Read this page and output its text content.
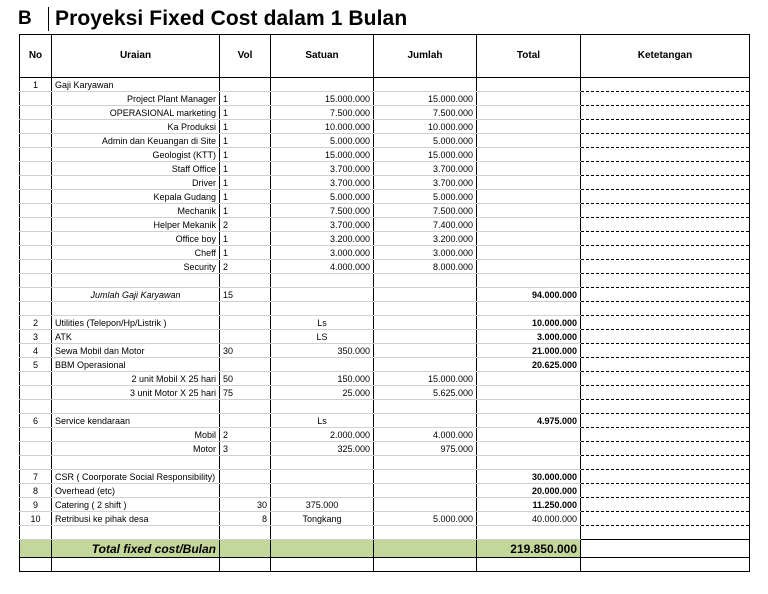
B	Proyeksi Fixed Cost dalam 1 Bulan
No	Uraian	Vol	Satuan	Jumlah	Total	Ketetangan
1	Gaji Karyawan					
	Project Plant Manager	1	15.000.000	15.000.000		
	OPERASIONAL marketing	1	7.500.000	7.500.000		
	Ka Produksi	1	10.000.000	10.000.000		
	Admin dan Keuangan di Site	1	5.000.000	5.000.000		
	Geologist (KTT)	1	15.000.000	15.000.000		
	Staff Office	1	3.700.000	3.700.000		
	Driver	1	3.700.000	3.700.000		
	Kepala Gudang	1	5.000.000	5.000.000		
	Mechanik	1	7.500.000	7.500.000		
	Helper Mekanik	2	3.700.000	7.400.000		
	Office boy	1	3.200.000	3.200.000		
	Cheff	1	3.000.000	3.000.000		
	Security	2	4.000.000	8.000.000		

	Jumlah Gaji Karyawan	15			94.000.000	

2	Utilities (Telepon/Hp/Listrik )		Ls		10.000.000	
3	ATK		LS		3.000.000	
4	Sewa Mobil dan Motor	30	350.000		21.000.000	
5	BBM Operasional				20.625.000	
	2 unit Mobil X 25 hari	50	150.000	15.000.000		
	3 unit Motor X 25 hari	75	25.000	5.625.000		

6	Service kendaraan		Ls		4.975.000	
	Mobil	2	2.000.000	4.000.000		
	Motor	3	325.000	975.000		

7	CSR ( Coorporate Social Responsibility)				30.000.000	
8	Overhead (etc)				20.000.000	
9	Catering ( 2 shift )	30	375.000		11.250.000	
10	Retribusi ke pihak desa	8	Tongkang	5.000.000	40.000.000	

	Total fixed cost/Bulan				219.850.000	
